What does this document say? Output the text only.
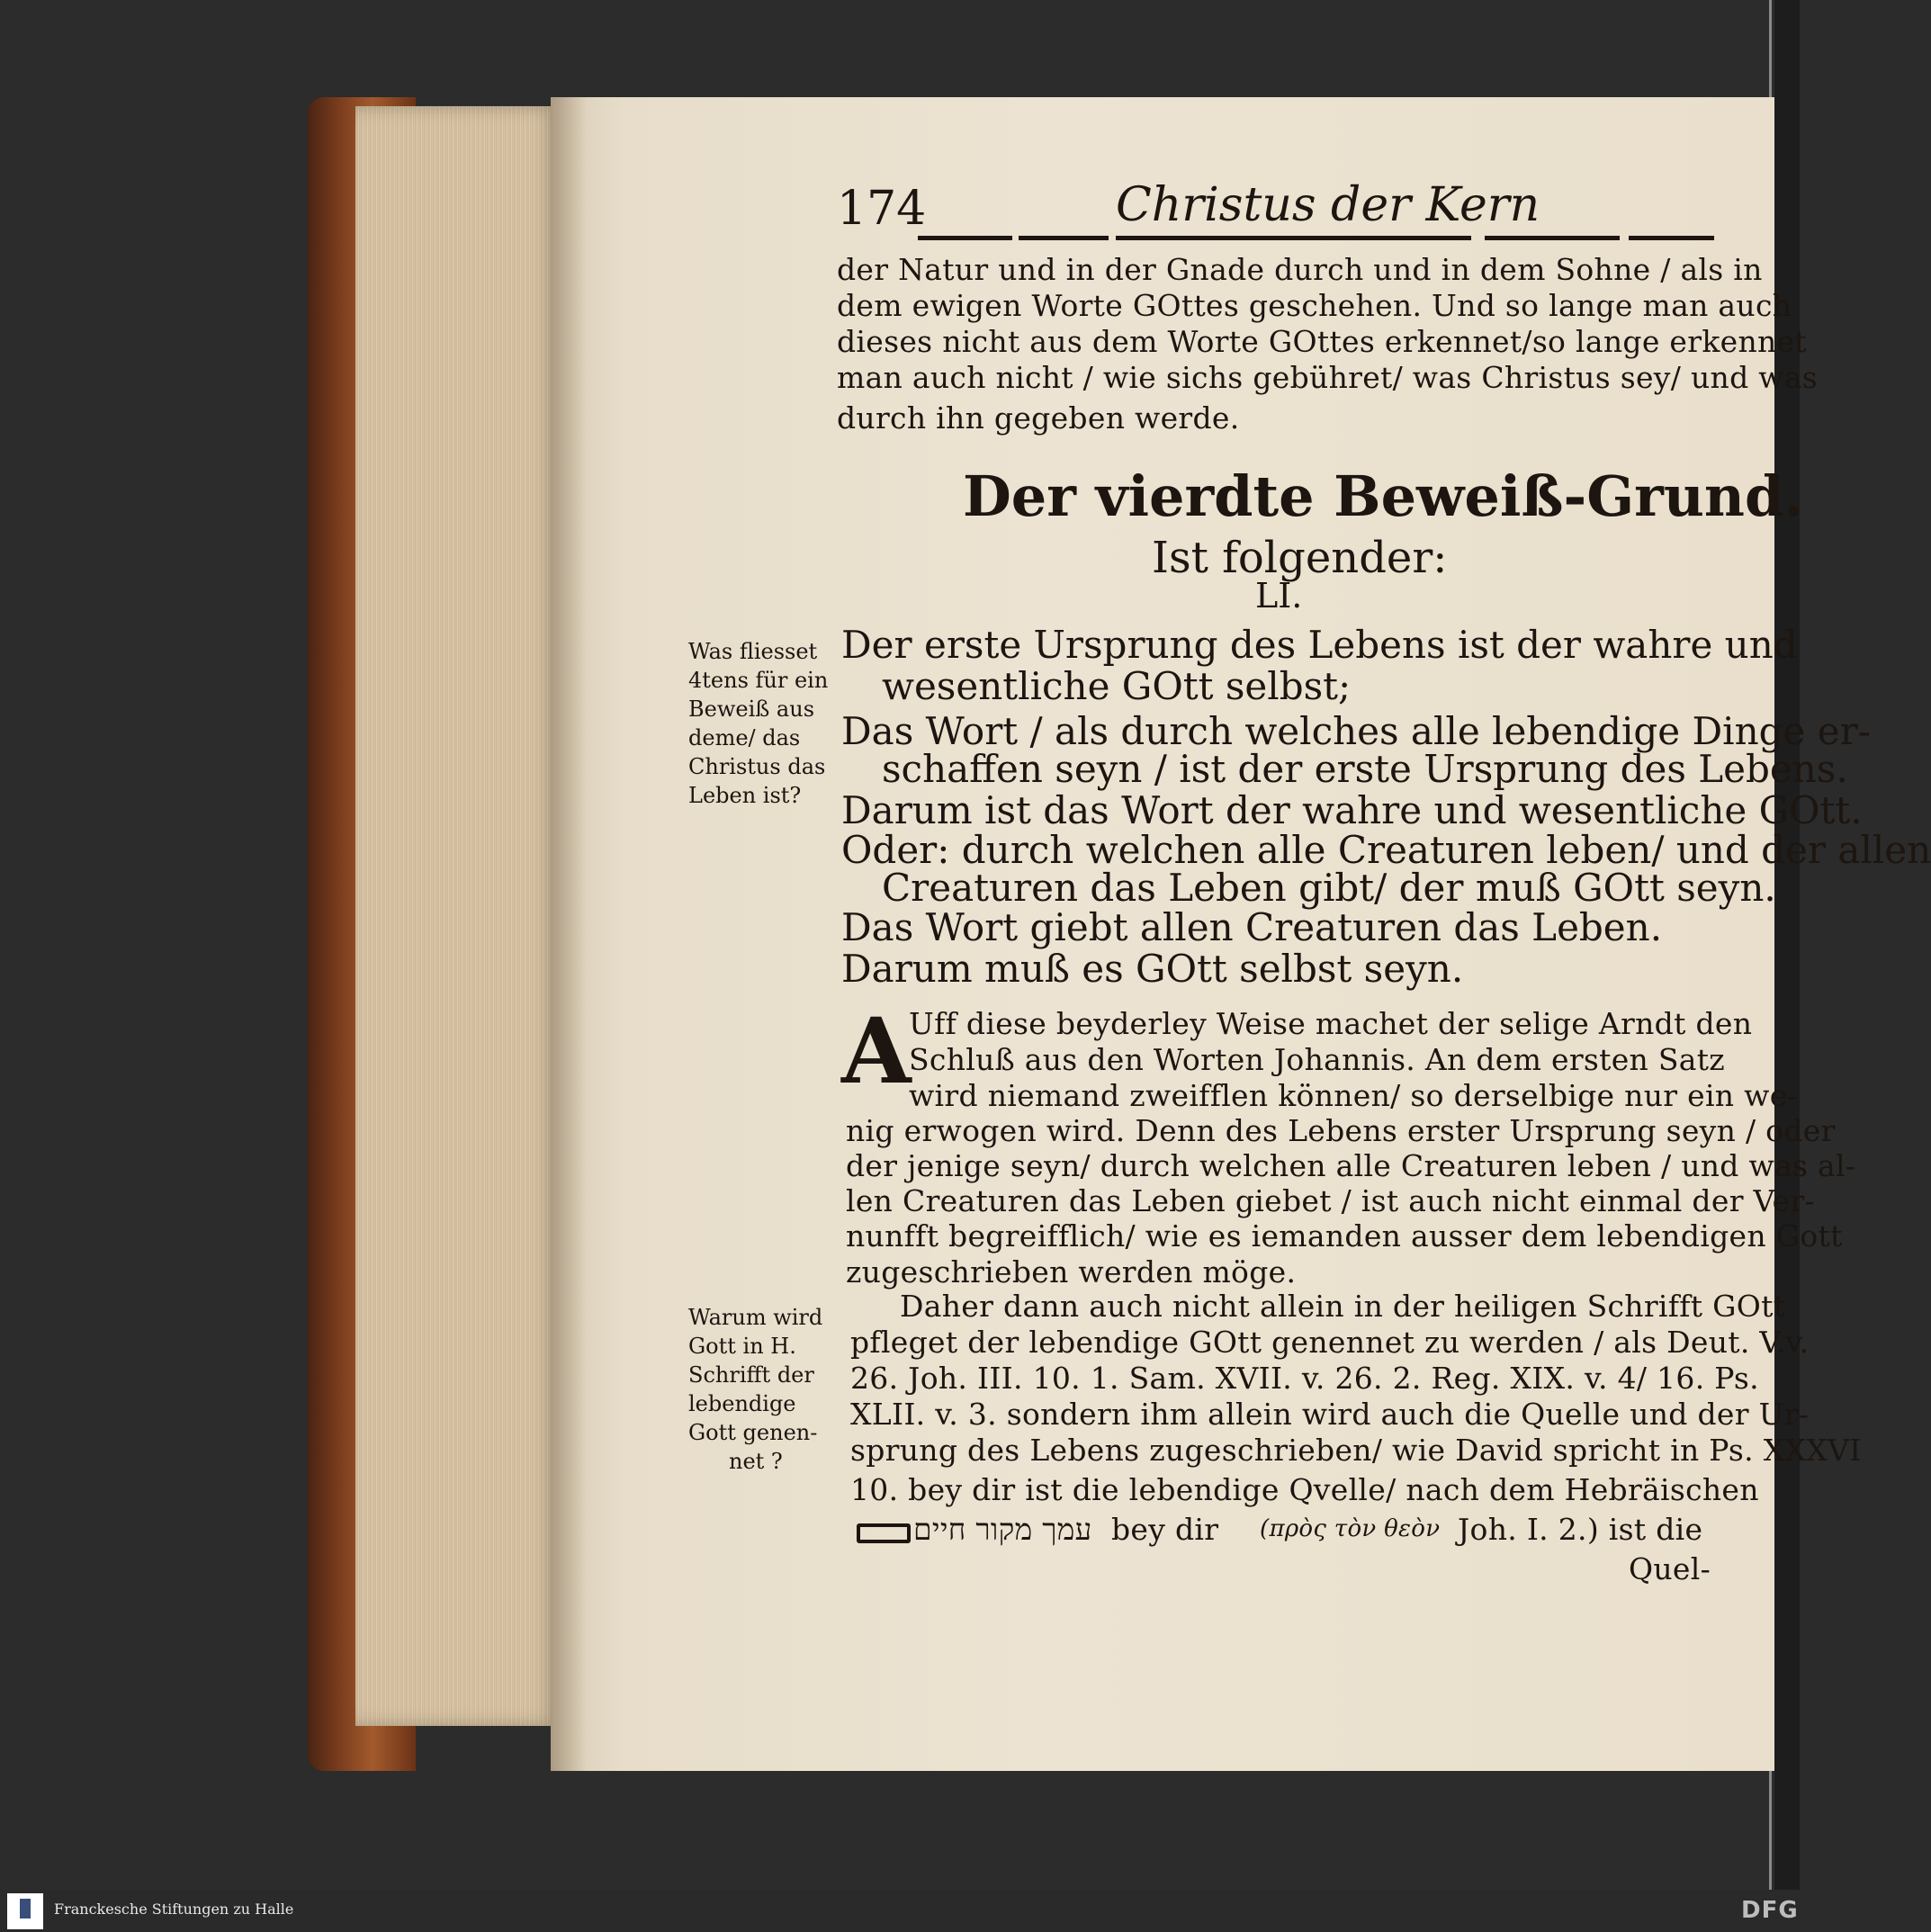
174	Christus der Kern
der Natur und in der Gnade durch und in dem Sohne / als in
dem ewigen Worte GOttes geschehen. Und so lange man auch
dieses nicht aus dem Worte GOttes erkennet/so lange erkennet
man auch nicht / wie sichs gebühret/ was Christus sey/ und was
durch ihn gegeben werde.
Der vierdte Beweiß-Grund.
Ist folgender:
LI.
Der erste Ursprung des Lebens ist der wahre und
wesentliche GOtt selbst;
Das Wort / als durch welches alle lebendige Dinge er-
schaffen seyn / ist der erste Ursprung des Lebens.
Darum ist das Wort der wahre und wesentliche GOtt.
Oder: durch welchen alle Creaturen leben/ und der allen
Creaturen das Leben gibt/ der muß GOtt seyn.
Das Wort giebt allen Creaturen das Leben.
Darum muß es GOtt selbst seyn.
Was fliesset
4tens für ein
Beweiß aus
deme/ das
Christus das
Leben ist?
A
Uff diese beyderley Weise machet der selige Arndt den
Schluß aus den Worten Johannis. An dem ersten Satz
wird niemand zweifflen können/ so derselbige nur ein we-
nig erwogen wird. Denn des Lebens erster Ursprung seyn / oder
der jenige seyn/ durch welchen alle Creaturen leben / und was al-
len Creaturen das Leben giebet / ist auch nicht einmal der Ver-
nunfft begreifflich/ wie es iemanden ausser dem lebendigen Gott
zugeschrieben werden möge.
Warum wird
Gott in H.
Schrifft der
lebendige
Gott genen-
net ?
Daher dann auch nicht allein in der heiligen Schrifft GOtt
pfleget der lebendige GOtt genennet zu werden / als Deut. V.v.
26. Joh. III. 10. 1. Sam. XVII. v. 26. 2. Reg. XIX. v. 4/ 16. Ps.
XLII. v. 3. sondern ihm allein wird auch die Quelle und der Ur-
sprung des Lebens zugeschrieben/ wie David spricht in Ps. XXXVI
10. bey dir ist die lebendige Qvelle/ nach dem Hebräischen
עמך מקור חיים bey dir (πρὸς τὸν θεὸν Joh. I. 2.) ist die
Quel-
Franckesche Stiftungen zu Halle	DFG
